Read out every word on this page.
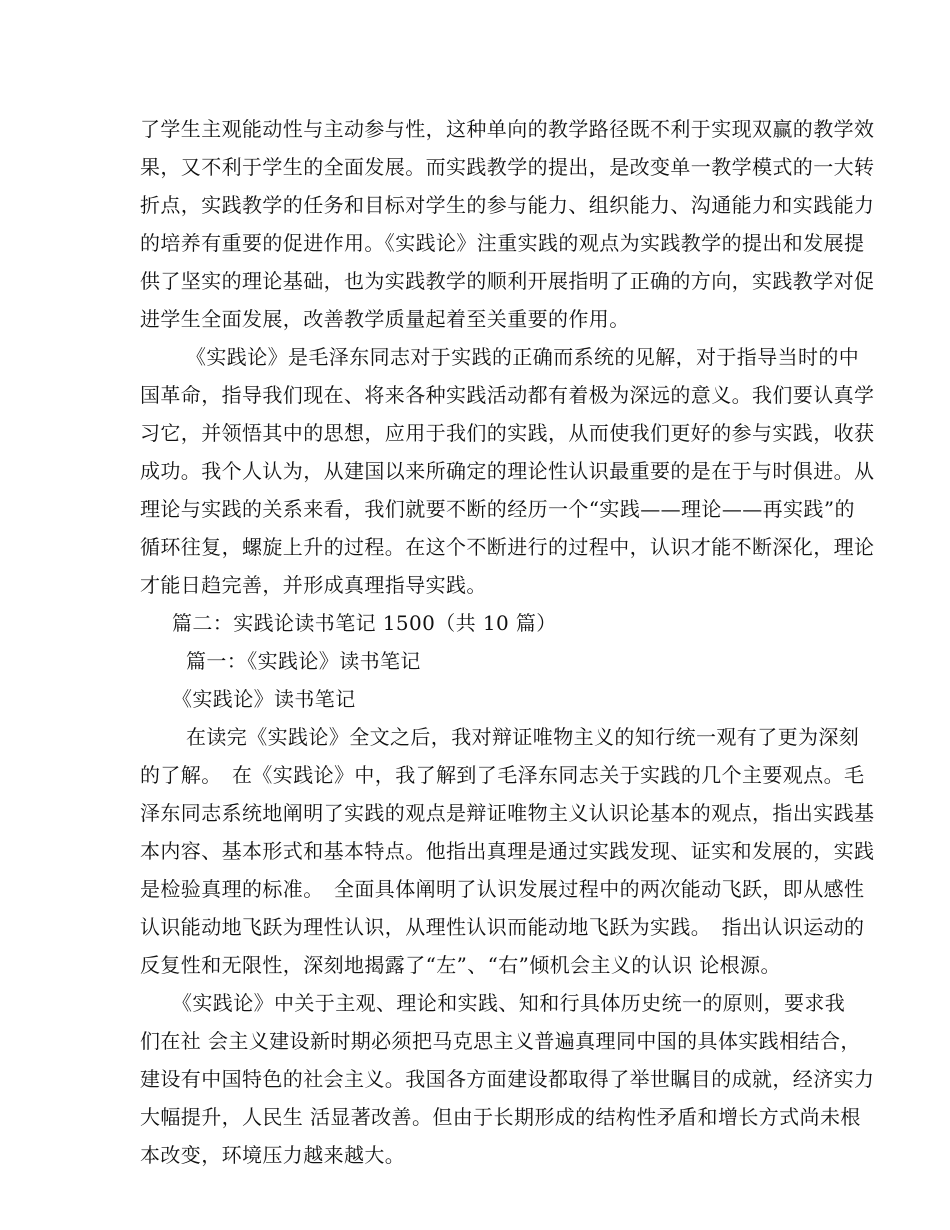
了学生主观能动性与主动参与性，这种单向的教学路径既不利于实现双赢的教学效
果，又不利于学生的全面发展。而实践教学的提出，是改变单一教学模式的一大转
折点，实践教学的任务和目标对学生的参与能力、组织能力、沟通能力和实践能力
的培养有重要的促进作用。《实践论》注重实践的观点为实践教学的提出和发展提
供了坚实的理论基础，也为实践教学的顺利开展指明了正确的方向，实践教学对促
进学生全面发展，改善教学质量起着至关重要的作用。
《实践论》是毛泽东同志对于实践的正确而系统的见解，对于指导当时的中
国革命，指导我们现在、将来各种实践活动都有着极为深远的意义。我们要认真学
习它，并领悟其中的思想，应用于我们的实践，从而使我们更好的参与实践，收获
成功。我个人认为，从建国以来所确定的理论性认识最重要的是在于与时俱进。从
理论与实践的关系来看，我们就要不断的经历一个“实践——理论——再实践”的
循环往复，螺旋上升的过程。在这个不断进行的过程中，认识才能不断深化，理论
才能日趋完善，并形成真理指导实践。
篇二：实践论读书笔记 1500（共 10 篇）
篇一：《实践论》读书笔记
《实践论》读书笔记
在读完《实践论》全文之后，我对辩证唯物主义的知行统一观有了更为深刻
的了解。　在《实践论》中，我了解到了毛泽东同志关于实践的几个主要观点。毛
泽东同志系统地阐明了实践的观点是辩证唯物主义认识论基本的观点，指出实践基
本内容、基本形式和基本特点。他指出真理是通过实践发现、证实和发展的，实践
是检验真理的标准。　全面具体阐明了认识发展过程中的两次能动飞跃，即从感性
认识能动地飞跃为理性认识，从理性认识而能动地飞跃为实践。　指出认识运动的
反复性和无限性，深刻地揭露了“左”、“右”倾机会主义的认识 论根源。
《实践论》中关于主观、理论和实践、知和行具体历史统一的原则，要求我
们在社 会主义建设新时期必须把马克思主义普遍真理同中国的具体实践相结合，
建设有中国特色的社会主义。我国各方面建设都取得了举世瞩目的成就，经济实力
大幅提升，人民生 活显著改善。但由于长期形成的结构性矛盾和增长方式尚未根
本改变，环境压力越来越大。
